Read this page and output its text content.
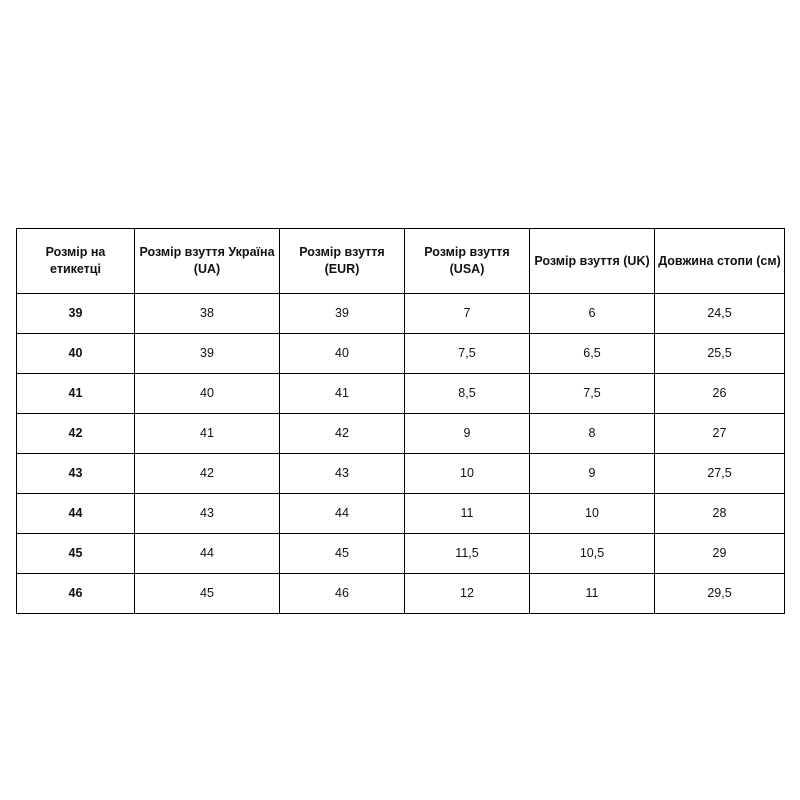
Розмір на етикетці	Розмір взуття Україна (UA)	Розмір взуття (EUR)	Розмір взуття (USA)	Розмір взуття (UK)	Довжина стопи (см)
39	38	39	7	6	24,5
40	39	40	7,5	6,5	25,5
41	40	41	8,5	7,5	26
42	41	42	9	8	27
43	42	43	10	9	27,5
44	43	44	11	10	28
45	44	45	11,5	10,5	29
46	45	46	12	11	29,5
